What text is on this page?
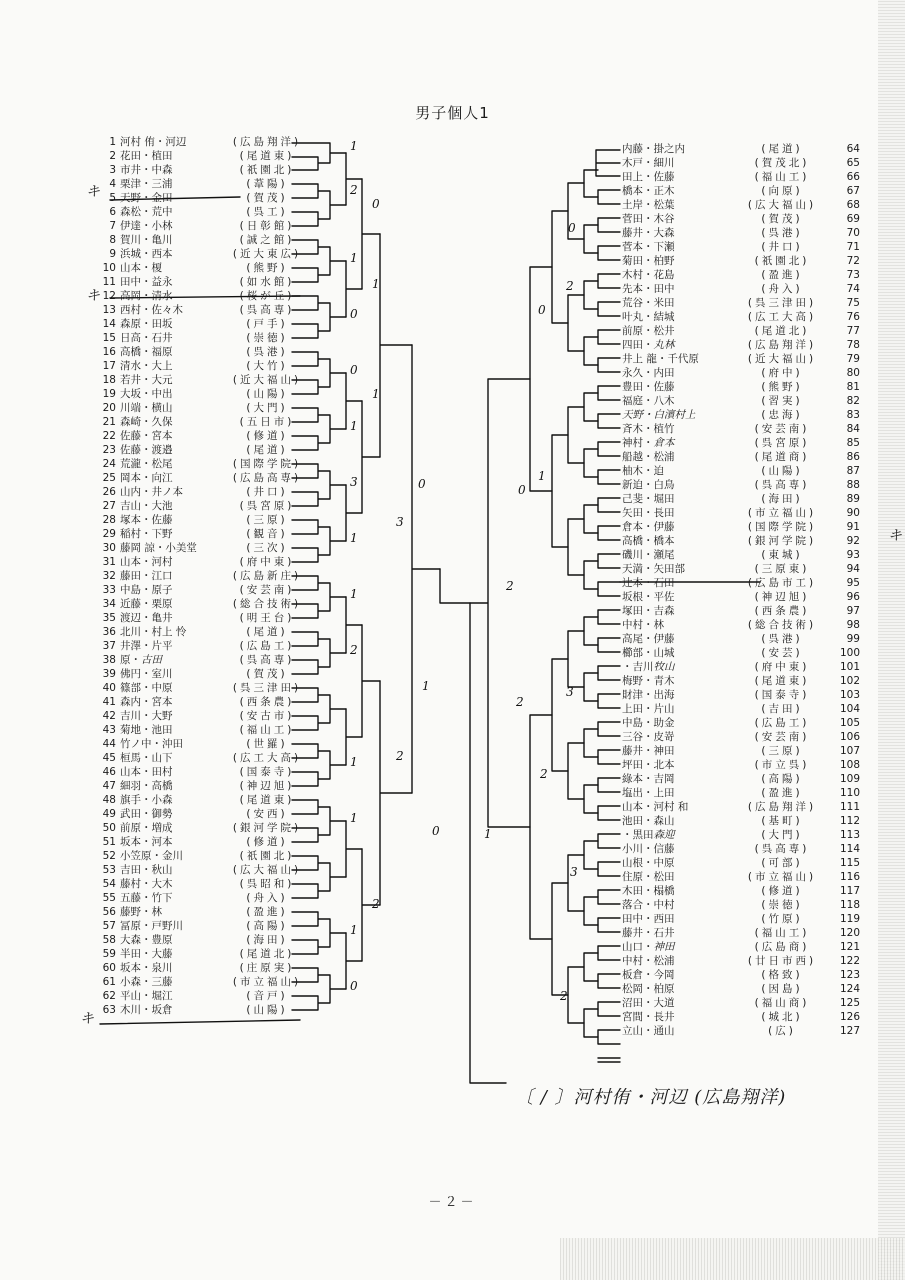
男子個人1
1
2
0
1
1
0
0
1
1
3
3
1
0
1
2
1
2
1
1
0
2
1
0
0
0
2
2
1
1
2
2
3
3
0
2
キ
キ
キ
キ
1 河村 侑・河辺	(広島翔洋)
2 花田・植田	(尾道東)
3 市井・中森	(祇園北)
4 栗津・三浦	(葦陽)
5 天野・金田	(賀茂)
6 森松・荒中	(呉工)
7 伊達・小林	(日彰館)
8 賀川・亀川	(誠之館)
9 浜城・西本	(近大東広)
10 山本・榎	(熊野)
11 田中・益永	(如水館)
12 高岡・清水	(桜が丘)
13 西村・佐々木	(呉高専)
14 森原・田坂	(戸手)
15 日高・石井	(崇徳)
16 高橋・福原	(呉港)
17 清水・大上	(大竹)
18 若井・大元	(近大福山)
19 大坂・中出	(山陽)
20 川端・横山	(大門)
21 森崎・久保	(五日市)
22 佐藤・宮本	(修道)
23 佐藤・渡邉	(尾道)
24 荒瀧・松尾	(国際学院)
25 岡本・向江	(広島高専)
26 山内・井ノ本	(井口)
27 吉山・大池	(呉宮原)
28 塚本・佐藤	(三原)
29 稲村・下野	(観音)
30 藤岡 諒・小美堂	(三次)
31 山本・河村	(府中東)
32 藤田・江口	(広島新庄)
33 中島・原子	(安芸南)
34 近藤・栗原	(総合技術)
35 渡辺・亀井	(明王台)
36 北川・村上 怜	(尾道)
37 井澤・片平	(広島工)
38 原・古田	(呉高専)
39 佛円・室川	(賀茂)
40 篠部・中原	(呉三津田)
41 森内・宮本	(西条農)
42 吉川・大野	(安古市)
43 菊地・池田	(福山工)
44 竹ノ中・沖田	(世羅)
45 桓馬・山下	(広工大高)
46 山本・田村	(国泰寺)
47 細羽・高橋	(神辺旭)
48 旗手・小森	(尾道東)
49 武田・御勢	(安西)
50 前原・増成	(銀河学院)
51 坂本・河本	(修道)
52 小笠原・金川	(祇園北)
53 吉田・秋山	(広大福山)
54 藤村・大木	(呉昭和)
55 五藤・竹下	(舟入)
56 藤野・林	(盈進)
57 冨原・戸野川	(高陽)
58 大森・豊原	(海田)
59 半田・大藤	(尾道北)
60 坂本・泉川	(庄原実)
61 小森・三藤	(市立福山)
62 平山・堀江	(音戸)
63 木川・坂倉	(山陽)
内藤・掛之内	(尾道)	64
木戸・細川	(賀茂北)	65
田上・佐藤	(福山工)	66
橋本・正木	(向原)	67
土岸・松葉	(広大福山)	68
菅田・木谷	(賀茂)	69
藤井・大森	(呉港)	70
菅本・下瀬	(井口)	71
菊田・柏野	(祇園北)	72
木村・花島	(盈進)	73
先本・田中	(舟入)	74
荒谷・米田	(呉三津田)	75
叶丸・結城	(広工大高)	76
前原・松井	(尾道北)	77
四田・丸林	(広島翔洋)	78
井上 龍・千代原	(近大福山)	79
永久・内田	(府中)	80
豊田・佐藤	(熊野)	81
福庭・八木	(習実)	82
天野・白濱村上	(忠海)	83
斉木・植竹	(安芸南)	84
神村・倉本	(呉宮原)	85
船越・松浦	(尾道商)	86
柚木・迫	(山陽)	87
新迫・白鳥	(呉高専)	88
己斐・堀田	(海田)	89
矢田・長田	(市立福山)	90
倉本・伊藤	(国際学院)	91
高橋・橋本	(銀河学院)	92
磯川・瀬尾	(東城)	93
天満・矢田部	(三原東)	94
辻本・石田	(広島市工)	95
坂根・平佐	(神辺旭)	96
塚田・吉森	(西条農)	97
中村・林	(総合技術)	98
高尾・伊藤	(呉港)	99
櫛部・山城	(安芸)	100
・吉川牧山	(府中東)	101
梅野・青木	(尾道東)	102
財津・出海	(国泰寺)	103
上田・片山	(吉田)	104
中島・助金	(広島工)	105
三谷・皮嵜	(安芸南)	106
藤井・神田	(三原)	107
坪田・北本	(市立呉)	108
綠本・吉岡	(高陽)	109
塩出・上田	(盈進)	110
山本・河村 和	(広島翔洋) 111
池田・森山	(基町)	112
・黒田森迎	(大門)	113
小川・信藤	(呉高専)	114
山根・中原	(可部)	115
住原・松田	(市立福山) 116
木田・榻橋	(修道)	117
落合・中村	(崇徳)	118
田中・西田	(竹原)	119
藤井・石井	(福山工)	120
山口・神田	(広島商)	121
中村・松浦	(廿日市西) 122
板倉・今岡	(格致)	123
松岡・柏原	(因島)	124
沼田・大道	(福山商)	125
宮間・長井	(城北)	126
立山・通山	(広)	127
〔 / 〕河村侑・河辺 (広島翔洋)
－２－
